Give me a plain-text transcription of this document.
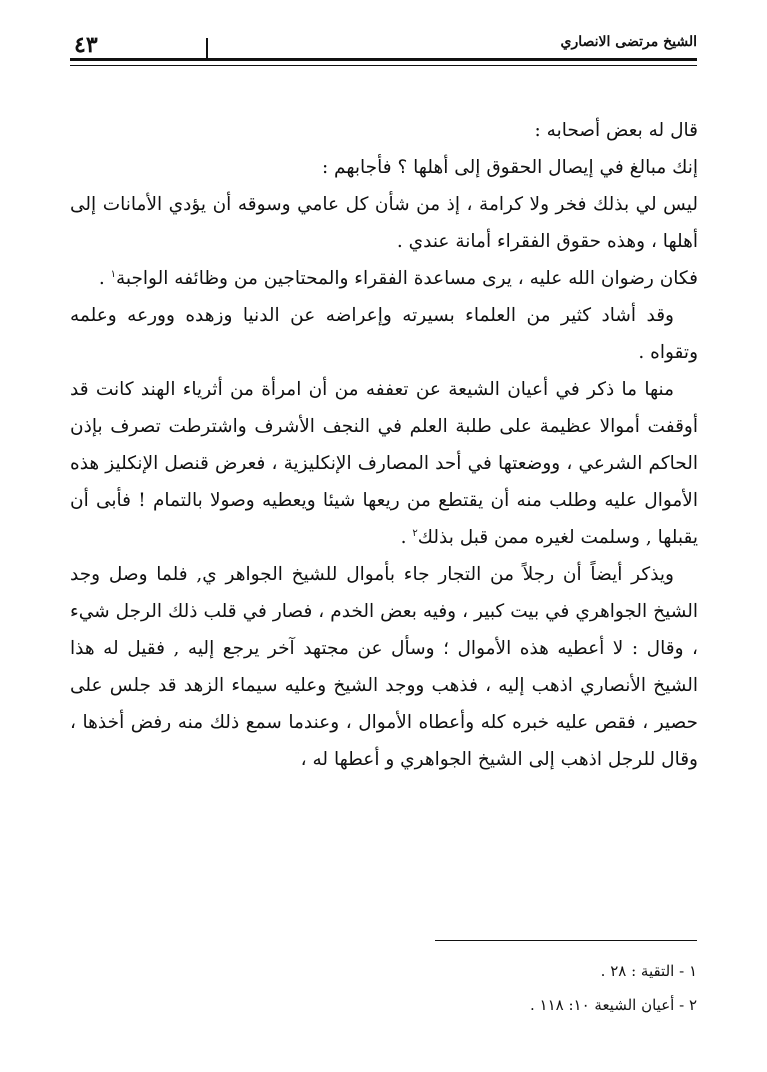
الشيخ مرتضى الانصاري
٤٣

قال له بعض أصحابه :

إنك مبالغ في إيصال الحقوق إلى أهلها ؟ فأجابهم :

ليس لي بذلك فخر ولا كرامة ، إذ من شأن كل عامي وسوقه أن يؤدي الأمانات إلى أهلها ، وهذه حقوق الفقراء أمانة عندي .

فكان رضوان الله عليه ، يرى مساعدة الفقراء والمحتاجين من وظائفه الواجبة$^١$ .

وقد أشاد كثير من العلماء بسيرته وإعراضه عن الدنيا وزهده وورعه وعلمه وتقواه .

منها ما ذكر في أعيان الشيعة عن تعففه من أن امرأة من أثرياء الهند كانت قد أوقفت أموالا عظيمة على طلبة العلم في النجف الأشرف واشترطت تصرف بإذن الحاكم الشرعي ، ووضعتها في أحد المصارف الإنكليزية ، فعرض قنصل الإنكليز هذه الأموال عليه وطلب منه أن يقتطع من ريعها شيئا ويعطيه وصولا بالتمام ! فأبى أن يقبلها , وسلمت لغيره ممن قبل بذلك$^٢$ .

ويذكر أيضاً أن رجلاً من التجار جاء بأموال للشيخ الجواهر ي, فلما وصل وجد الشيخ الجواهري في بيت كبير ، وفيه بعض الخدم ، فصار في قلب ذلك الرجل شيء ، وقال : لا أعطيه هذه الأموال ؛ وسأل عن مجتهد آخر يرجع إليه , فقيل له هذا الشيخ الأنصاري اذهب إليه ، فذهب ووجد الشيخ وعليه سيماء الزهد قد جلس على حصير ، فقص عليه خبره كله وأعطاه الأموال ، وعندما سمع ذلك منه رفض أخذها ، وقال للرجل اذهب إلى الشيخ الجواهري و أعطها له ،

١ - التقية : ٢٨ .
٢ - أعيان الشيعة ١٠: ١١٨ .
